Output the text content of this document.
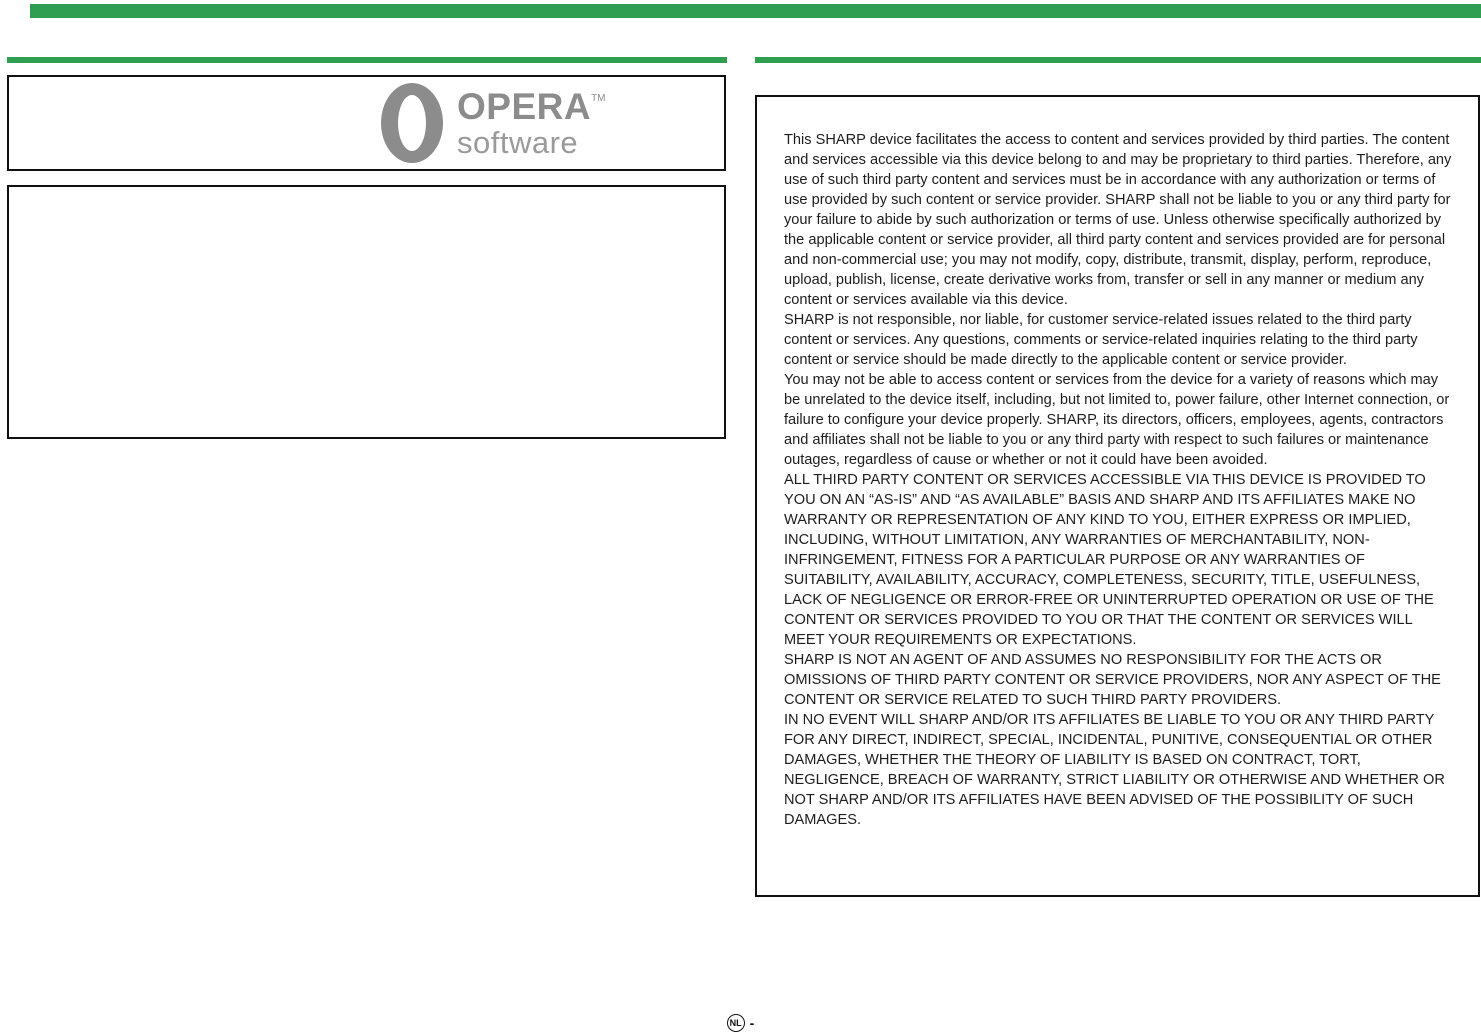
OPERA™
software	This SHARP device facilitates the access to content and services provided by third parties. The content and services accessible via this device belong to and may be proprietary to third parties. Therefore, any use of such third party content and services must be in accordance with any authorization or terms of use provided by such content or service provider. SHARP shall not be liable to you or any third party for your failure to abide by such authorization or terms of use. Unless otherwise specifically authorized by the applicable content or service provider, all third party content and services provided are for personal and non-commercial use; you may not modify, copy, distribute, transmit, display, perform, reproduce, upload, publish, license, create derivative works from, transfer or sell in any manner or medium any content or services available via this device.

SHARP is not responsible, nor liable, for customer service-related issues related to the third party content or services. Any questions, comments or service-related inquiries relating to the third party content or service should be made directly to the applicable content or service provider.

You may not be able to access content or services from the device for a variety of reasons which may be unrelated to the device itself, including, but not limited to, power failure, other Internet connection, or failure to configure your device properly. SHARP, its directors, officers, employees, agents, contractors and affiliates shall not be liable to you or any third party with respect to such failures or maintenance outages, regardless of cause or whether or not it could have been avoided.

ALL THIRD PARTY CONTENT OR SERVICES ACCESSIBLE VIA THIS DEVICE IS PROVIDED TO YOU ON AN “AS-IS” AND “AS AVAILABLE” BASIS AND SHARP AND ITS AFFILIATES MAKE NO WARRANTY OR REPRESENTATION OF ANY KIND TO YOU, EITHER EXPRESS OR IMPLIED, INCLUDING, WITHOUT LIMITATION, ANY WARRANTIES OF MERCHANTABILITY, NON-INFRINGEMENT, FITNESS FOR A PARTICULAR PURPOSE OR ANY WARRANTIES OF SUITABILITY, AVAILABILITY, ACCURACY, COMPLETENESS, SECURITY, TITLE, USEFULNESS, LACK OF NEGLIGENCE OR ERROR-FREE OR UNINTERRUPTED OPERATION OR USE OF THE CONTENT OR SERVICES PROVIDED TO YOU OR THAT THE CONTENT OR SERVICES WILL MEET YOUR REQUIREMENTS OR EXPECTATIONS.

SHARP IS NOT AN AGENT OF AND ASSUMES NO RESPONSIBILITY FOR THE ACTS OR OMISSIONS OF THIRD PARTY CONTENT OR SERVICE PROVIDERS, NOR ANY ASPECT OF THE CONTENT OR SERVICE RELATED TO SUCH THIRD PARTY PROVIDERS.

IN NO EVENT WILL SHARP AND/OR ITS AFFILIATES BE LIABLE TO YOU OR ANY THIRD PARTY FOR ANY DIRECT, INDIRECT, SPECIAL, INCIDENTAL, PUNITIVE, CONSEQUENTIAL OR OTHER DAMAGES, WHETHER THE THEORY OF LIABILITY IS BASED ON CONTRACT, TORT, NEGLIGENCE, BREACH OF WARRANTY, STRICT LIABILITY OR OTHERWISE AND WHETHER OR NOT SHARP AND/OR ITS AFFILIATES HAVE BEEN ADVISED OF THE POSSIBILITY OF SUCH DAMAGES.

NL -
